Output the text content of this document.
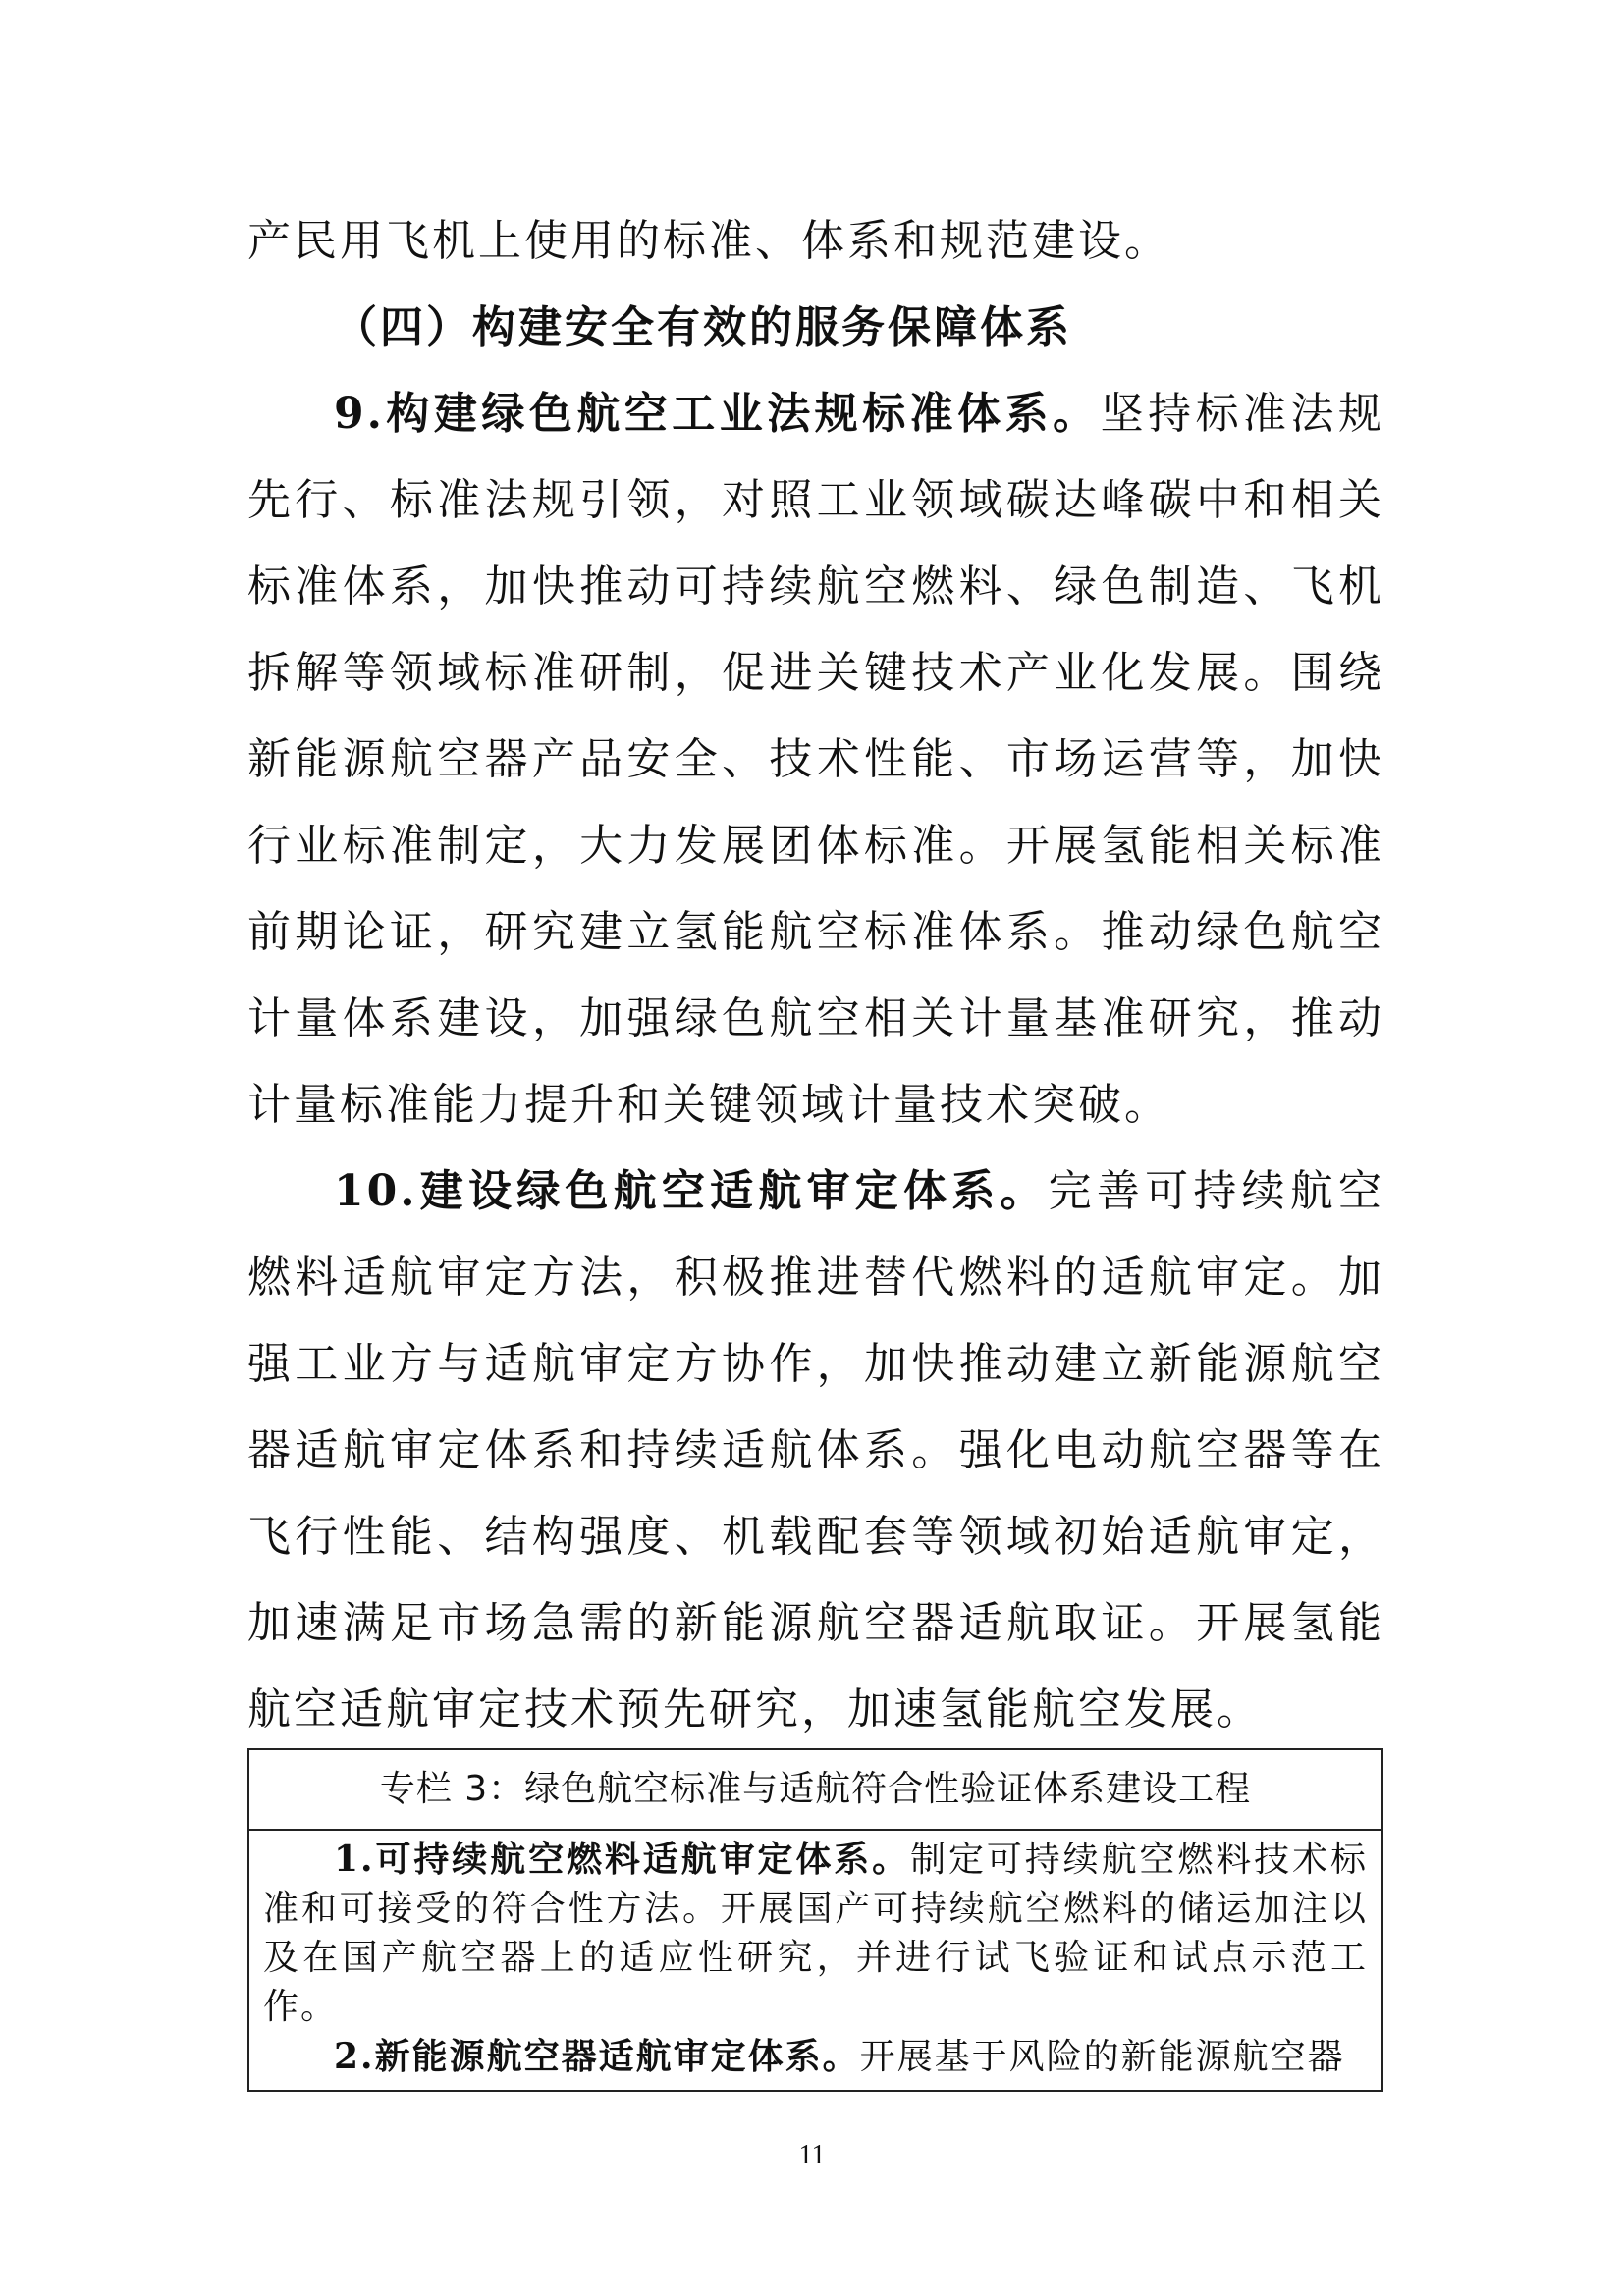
产民用飞机上使用的标准、体系和规范建设。

（四）构建安全有效的服务保障体系

9.构建绿色航空工业法规标准体系。坚持标准法规先行、标准法规引领，对照工业领域碳达峰碳中和相关标准体系，加快推动可持续航空燃料、绿色制造、飞机拆解等领域标准研制，促进关键技术产业化发展。围绕新能源航空器产品安全、技术性能、市场运营等，加快行业标准制定，大力发展团体标准。开展氢能相关标准前期论证，研究建立氢能航空标准体系。推动绿色航空计量体系建设，加强绿色航空相关计量基准研究，推动计量标准能力提升和关键领域计量技术突破。

10.建设绿色航空适航审定体系。完善可持续航空燃料适航审定方法，积极推进替代燃料的适航审定。加强工业方与适航审定方协作，加快推动建立新能源航空器适航审定体系和持续适航体系。强化电动航空器等在飞行性能、结构强度、机载配套等领域初始适航审定，加速满足市场急需的新能源航空器适航取证。开展氢能航空适航审定技术预先研究，加速氢能航空发展。

专栏 3：绿色航空标准与适航符合性验证体系建设工程

1.可持续航空燃料适航审定体系。制定可持续航空燃料技术标准和可接受的符合性方法。开展国产可持续航空燃料的储运加注以及在国产航空器上的适应性研究，并进行试飞验证和试点示范工作。

2.新能源航空器适航审定体系。开展基于风险的新能源航空器

11
